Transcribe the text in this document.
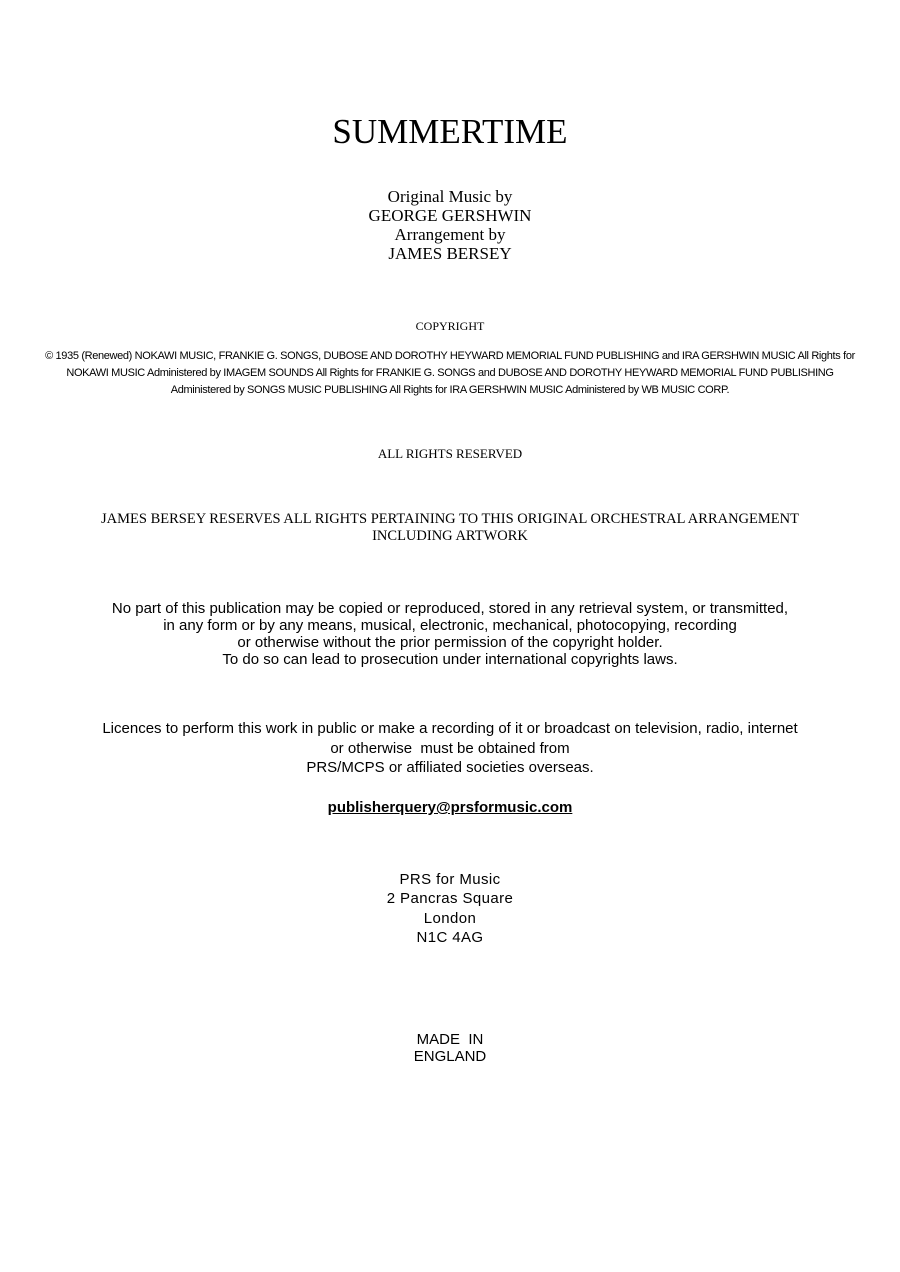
SUMMERTIME

Original Music by

GEORGE GERSHWIN

Arrangement by

JAMES BERSEY

COPYRIGHT

© 1935 (Renewed) NOKAWI MUSIC, FRANKIE G. SONGS, DUBOSE AND DOROTHY HEYWARD MEMORIAL FUND PUBLISHING and IRA GERSHWIN MUSIC All Rights for

NOKAWI MUSIC Administered by IMAGEM SOUNDS All Rights for FRANKIE G. SONGS and DUBOSE AND DOROTHY HEYWARD MEMORIAL FUND PUBLISHING

Administered by SONGS MUSIC PUBLISHING All Rights for IRA GERSHWIN MUSIC Administered by WB MUSIC CORP.

ALL RIGHTS RESERVED

JAMES BERSEY RESERVES ALL RIGHTS PERTAINING TO THIS ORIGINAL ORCHESTRAL ARRANGEMENT

INCLUDING ARTWORK

No part of this publication may be copied or reproduced, stored in any retrieval system, or transmitted,

in any form or by any means, musical, electronic, mechanical, photocopying, recording

or otherwise without the prior permission of the copyright holder.

To do so can lead to prosecution under international copyrights laws.

Licences to perform this work in public or make a recording of it or broadcast on television, radio, internet

or otherwise  must be obtained from

PRS/MCPS or affiliated societies overseas.

publisherquery@prsformusic.com

PRS for Music

2 Pancras Square

London

N1C 4AG

MADE  IN

ENGLAND
